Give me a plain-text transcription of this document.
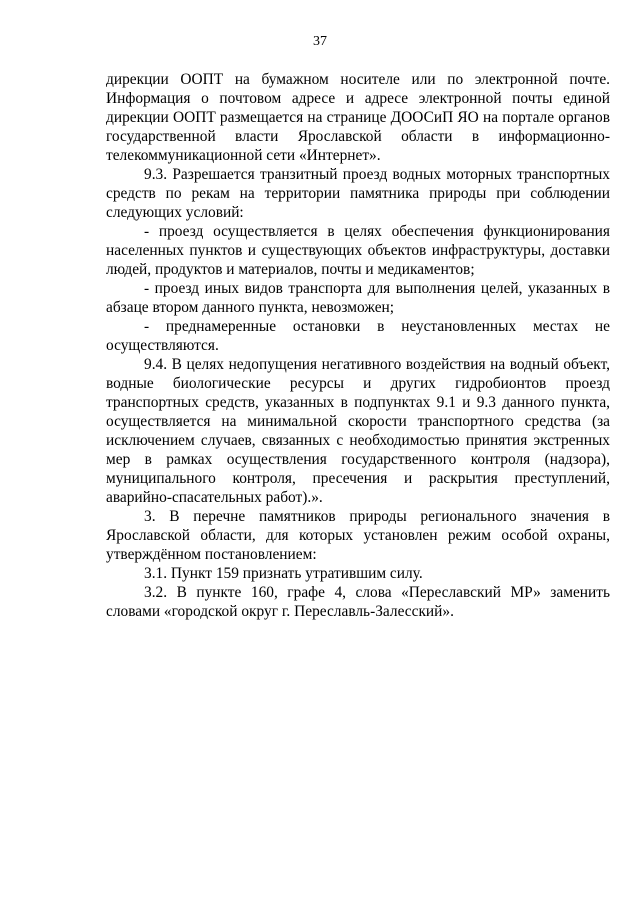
37

дирекции ООПТ на бумажном носителе или по электронной почте. Информация о почтовом адресе и адресе электронной почты единой дирекции ООПТ размещается на странице ДООСиП ЯО на портале органов государственной власти Ярославской области в информационно-телекоммуникационной сети «Интернет».

9.3. Разрешается транзитный проезд водных моторных транспортных средств по рекам на территории памятника природы при соблюдении следующих условий:

- проезд осуществляется в целях обеспечения функционирования населенных пунктов и существующих объектов инфраструктуры, доставки людей, продуктов и материалов, почты и медикаментов;

- проезд иных видов транспорта для выполнения целей, указанных в абзаце втором данного пункта, невозможен;

- преднамеренные остановки в неустановленных местах не осуществляются.

9.4. В целях недопущения негативного воздействия на водный объект, водные биологические ресурсы и других гидробионтов проезд транспортных средств, указанных в подпунктах 9.1 и 9.3 данного пункта, осуществляется на минимальной скорости транспортного средства (за исключением случаев, связанных с необходимостью принятия экстренных мер в рамках осуществления государственного контроля (надзора), муниципального контроля, пресечения и раскрытия преступлений, аварийно-спасательных работ).».

3. В перечне памятников природы регионального значения в Ярославской области, для которых установлен режим особой охраны, утверждённом постановлением:

3.1. Пункт 159 признать утратившим силу.

3.2. В пункте 160, графе 4, слова «Переславский МР» заменить словами «городской округ г. Переславль-Залесский».
